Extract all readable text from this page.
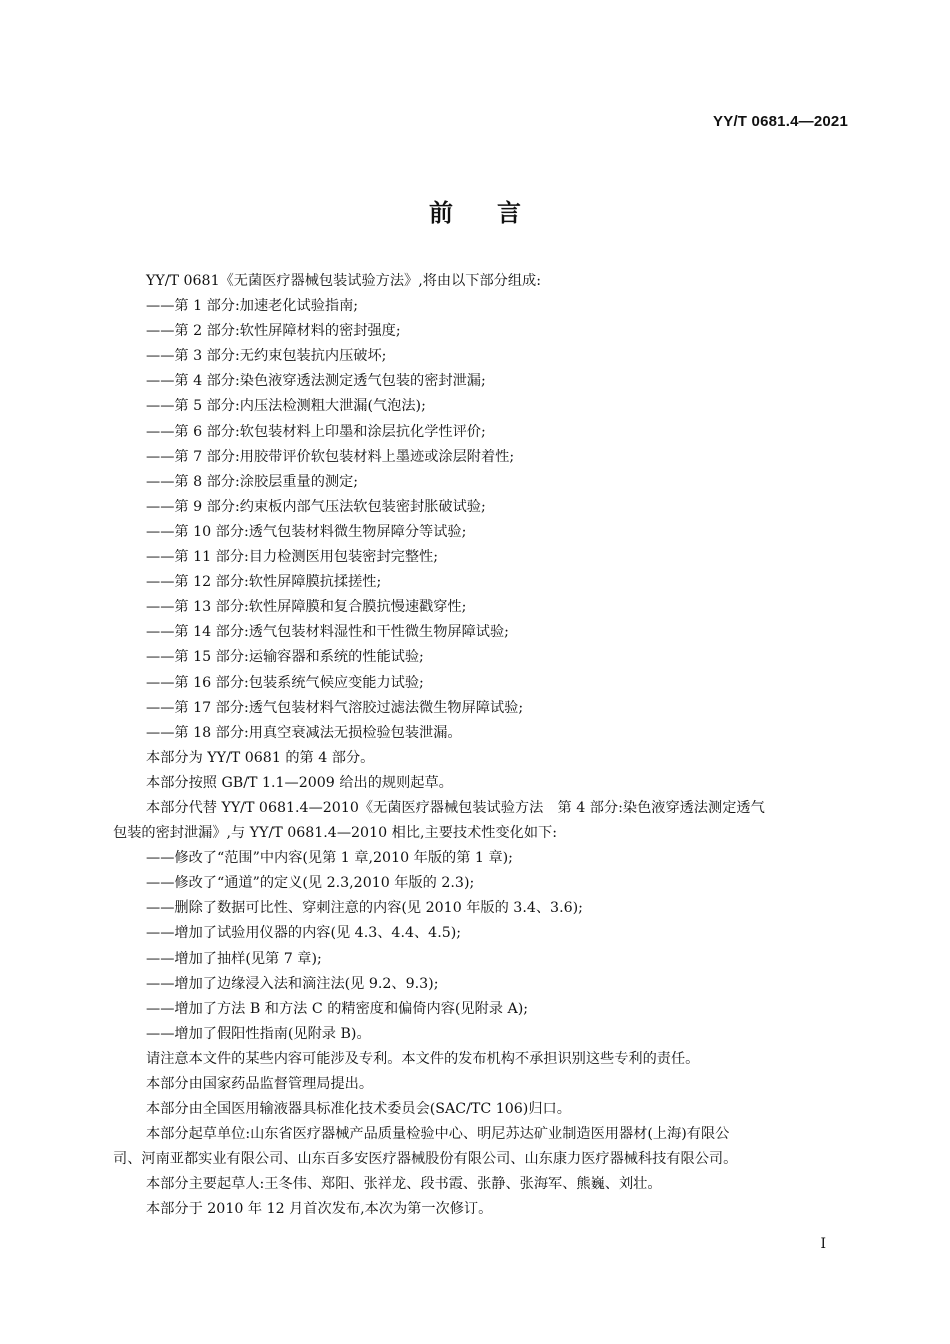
YY/T 0681.4—2021
前言
YY/T 0681《无菌医疗器械包装试验方法》,将由以下部分组成:
——第 1 部分:加速老化试验指南;
——第 2 部分:软性屏障材料的密封强度;
——第 3 部分:无约束包装抗内压破坏;
——第 4 部分:染色液穿透法测定透气包装的密封泄漏;
——第 5 部分:内压法检测粗大泄漏(气泡法);
——第 6 部分:软包装材料上印墨和涂层抗化学性评价;
——第 7 部分:用胶带评价软包装材料上墨迹或涂层附着性;
——第 8 部分:涂胶层重量的测定;
——第 9 部分:约束板内部气压法软包装密封胀破试验;
——第 10 部分:透气包装材料微生物屏障分等试验;
——第 11 部分:目力检测医用包装密封完整性;
——第 12 部分:软性屏障膜抗揉搓性;
——第 13 部分:软性屏障膜和复合膜抗慢速戳穿性;
——第 14 部分:透气包装材料湿性和干性微生物屏障试验;
——第 15 部分:运输容器和系统的性能试验;
——第 16 部分:包装系统气候应变能力试验;
——第 17 部分:透气包装材料气溶胶过滤法微生物屏障试验;
——第 18 部分:用真空衰减法无损检验包装泄漏。
本部分为 YY/T 0681 的第 4 部分。
本部分按照 GB/T 1.1—2009 给出的规则起草。
本部分代替 YY/T 0681.4—2010《无菌医疗器械包装试验方法　第 4 部分:染色液穿透法测定透气
包装的密封泄漏》,与 YY/T 0681.4—2010 相比,主要技术性变化如下:
——修改了“范围”中内容(见第 1 章,2010 年版的第 1 章);
——修改了“通道”的定义(见 2.3,2010 年版的 2.3);
——删除了数据可比性、穿刺注意的内容(见 2010 年版的 3.4、3.6);
——增加了试验用仪器的内容(见 4.3、4.4、4.5);
——增加了抽样(见第 7 章);
——增加了边缘浸入法和滴注法(见 9.2、9.3);
——增加了方法 B 和方法 C 的精密度和偏倚内容(见附录 A);
——增加了假阳性指南(见附录 B)。
请注意本文件的某些内容可能涉及专利。本文件的发布机构不承担识别这些专利的责任。
本部分由国家药品监督管理局提出。
本部分由全国医用输液器具标准化技术委员会(SAC/TC 106)归口。
本部分起草单位:山东省医疗器械产品质量检验中心、明尼苏达矿业制造医用器材(上海)有限公
司、河南亚都实业有限公司、山东百多安医疗器械股份有限公司、山东康力医疗器械科技有限公司。
本部分主要起草人:王冬伟、郑阳、张祥龙、段书霞、张静、张海军、熊巍、刘壮。
本部分于 2010 年 12 月首次发布,本次为第一次修订。
I
